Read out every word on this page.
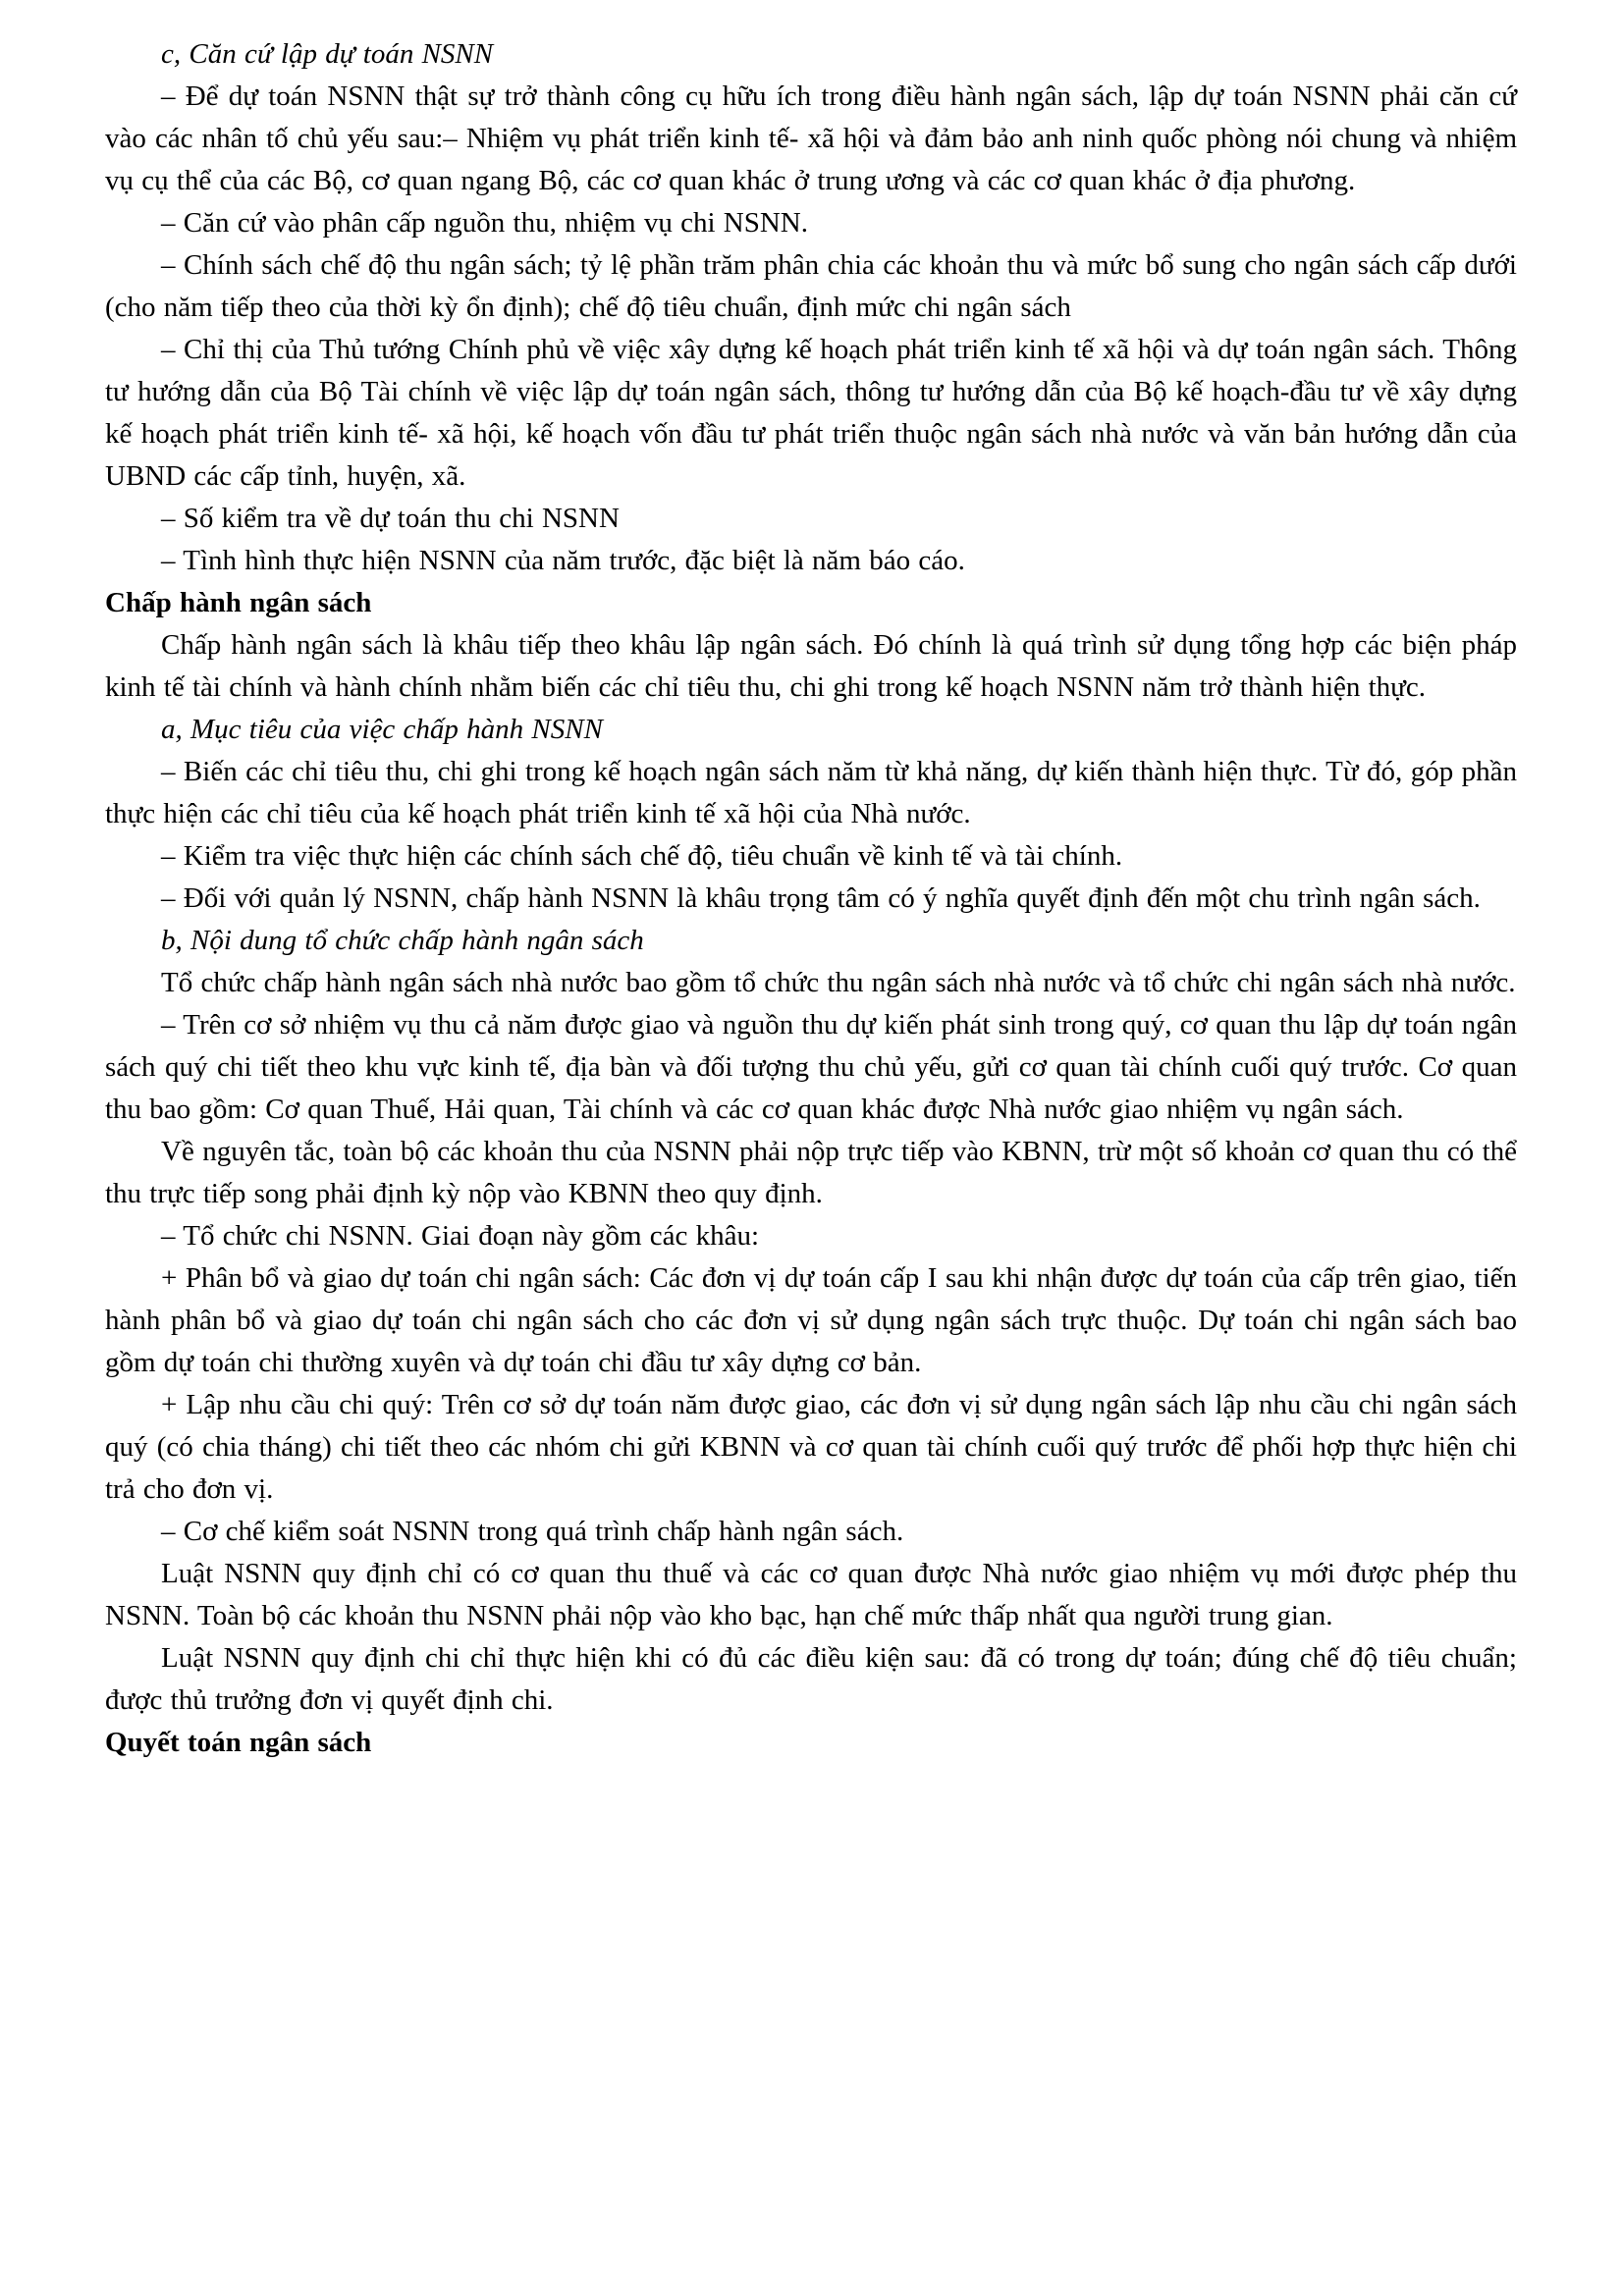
c, Căn cứ lập dự toán NSNN

– Để dự toán NSNN thật sự trở thành công cụ hữu ích trong điều hành ngân sách, lập dự toán NSNN phải căn cứ vào các nhân tố chủ yếu sau:– Nhiệm vụ phát triển kinh tế- xã hội và đảm bảo anh ninh quốc phòng nói chung và nhiệm vụ cụ thể của các Bộ, cơ quan ngang Bộ, các cơ quan khác ở trung ương và các cơ quan khác ở địa phương.

– Căn cứ vào phân cấp nguồn thu, nhiệm vụ chi NSNN.

– Chính sách chế độ thu ngân sách; tỷ lệ phần trăm phân chia các khoản thu và mức bổ sung cho ngân sách cấp dưới (cho năm tiếp theo của thời kỳ ổn định); chế độ tiêu chuẩn, định mức chi ngân sách

– Chỉ thị của Thủ tướng Chính phủ về việc xây dựng kế hoạch phát triển kinh tế xã hội và dự toán ngân sách. Thông tư hướng dẫn của Bộ Tài chính về việc lập dự toán ngân sách, thông tư hướng dẫn của Bộ kế hoạch-đầu tư về xây dựng kế hoạch phát triển kinh tế- xã hội, kế hoạch vốn đầu tư phát triển thuộc ngân sách nhà nước và văn bản hướng dẫn của UBND các cấp tỉnh, huyện, xã.

– Số kiểm tra về dự toán thu chi NSNN

– Tình hình thực hiện NSNN của năm trước, đặc biệt là năm báo cáo.

Chấp hành ngân sách

Chấp hành ngân sách là khâu tiếp theo khâu lập ngân sách. Đó chính là quá trình sử dụng tổng hợp các biện pháp kinh tế tài chính và hành chính nhằm biến các chỉ tiêu thu, chi ghi trong kế hoạch NSNN năm trở thành hiện thực.

a, Mục tiêu của việc chấp hành NSNN

– Biến các chỉ tiêu thu, chi ghi trong kế hoạch ngân sách năm từ khả năng, dự kiến thành hiện thực. Từ đó, góp phần thực hiện các chỉ tiêu của kế hoạch phát triển kinh tế xã hội của Nhà nước.

– Kiểm tra việc thực hiện các chính sách chế độ, tiêu chuẩn về kinh tế và tài chính.

– Đối với quản lý NSNN, chấp hành NSNN là khâu trọng tâm có ý nghĩa quyết định đến một chu trình ngân sách.

b, Nội dung tổ chức chấp hành ngân sách

Tổ chức chấp hành ngân sách nhà nước bao gồm tổ chức thu ngân sách nhà nước và tổ chức chi ngân sách nhà nước.

– Trên cơ sở nhiệm vụ thu cả năm được giao và nguồn thu dự kiến phát sinh trong quý, cơ quan thu lập dự toán ngân sách quý chi tiết theo khu vực kinh tế, địa bàn và đối tượng thu chủ yếu, gửi cơ quan tài chính cuối quý trước. Cơ quan thu bao gồm: Cơ quan Thuế, Hải quan, Tài chính và các cơ quan khác được Nhà nước giao nhiệm vụ ngân sách.

Về nguyên tắc, toàn bộ các khoản thu của NSNN phải nộp trực tiếp vào KBNN, trừ một số khoản cơ quan thu có thể thu trực tiếp song phải định kỳ nộp vào KBNN theo quy định.

– Tổ chức chi NSNN. Giai đoạn này gồm các khâu:

+ Phân bổ và giao dự toán chi ngân sách: Các đơn vị dự toán cấp I sau khi nhận được dự toán của cấp trên giao, tiến hành phân bổ và giao dự toán chi ngân sách cho các đơn vị sử dụng ngân sách trực thuộc. Dự toán chi ngân sách bao gồm dự toán chi thường xuyên và dự toán chi đầu tư xây dựng cơ bản.

+ Lập nhu cầu chi quý: Trên cơ sở dự toán năm được giao, các đơn vị sử dụng ngân sách lập nhu cầu chi ngân sách quý (có chia tháng) chi tiết theo các nhóm chi gửi KBNN và cơ quan tài chính cuối quý trước để phối hợp thực hiện chi trả cho đơn vị.

– Cơ chế kiểm soát NSNN trong quá trình chấp hành ngân sách.

Luật NSNN quy định chỉ có cơ quan thu thuế và các cơ quan được Nhà nước giao nhiệm vụ mới được phép thu NSNN. Toàn bộ các khoản thu NSNN phải nộp vào kho bạc, hạn chế mức thấp nhất qua người trung gian.

Luật NSNN quy định chi chỉ thực hiện khi có đủ các điều kiện sau: đã có trong dự toán; đúng chế độ tiêu chuẩn; được thủ trưởng đơn vị quyết định chi.

Quyết toán ngân sách
